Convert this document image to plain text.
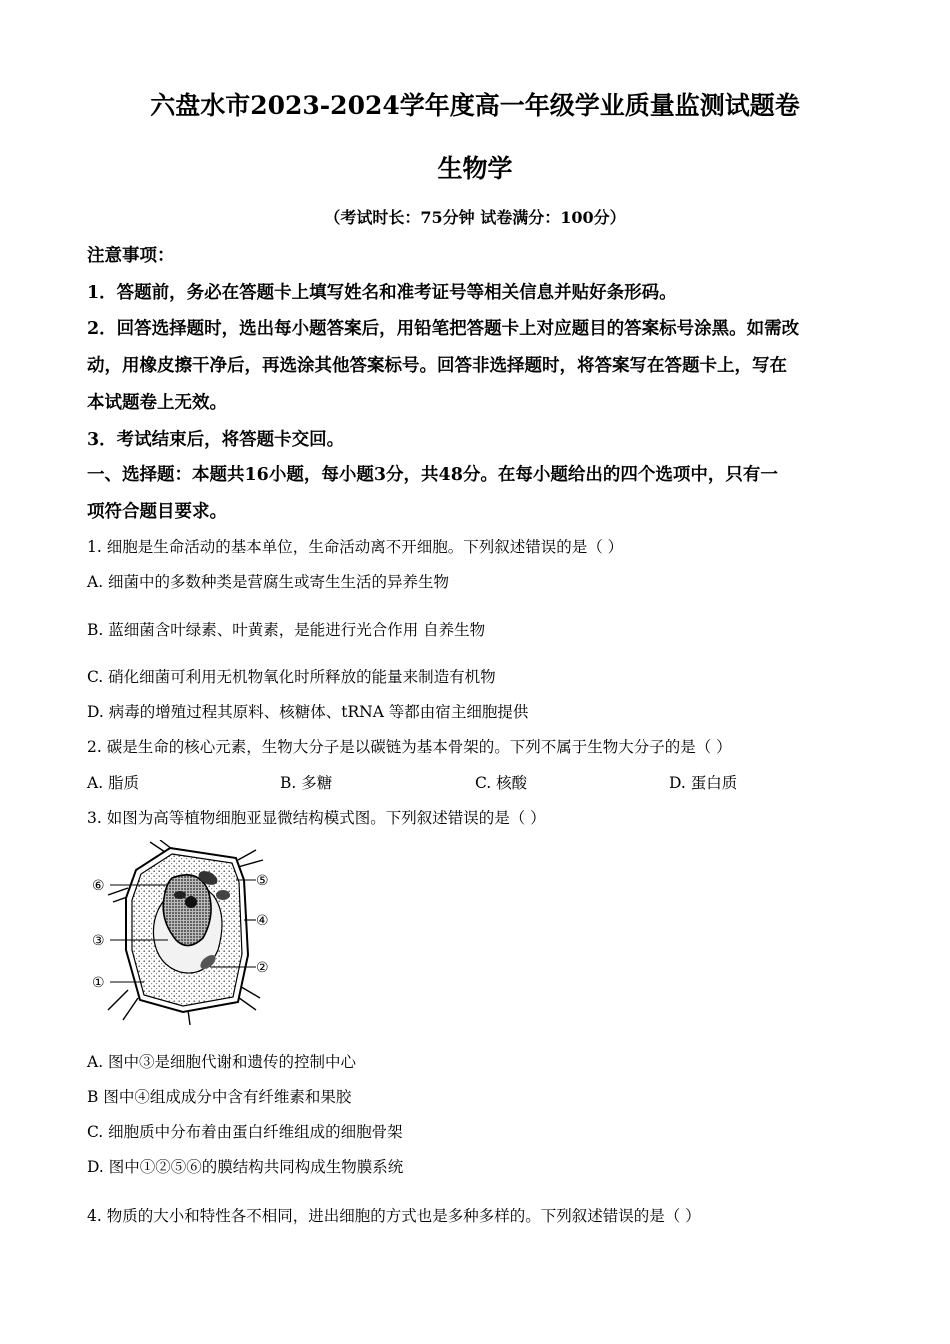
六盘水市2023-2024学年度高一年级学业质量监测试题卷
生物学
（考试时长：75分钟 试卷满分：100分）
注意事项：
1．答题前，务必在答题卡上填写姓名和准考证号等相关信息并贴好条形码。
2．回答选择题时，选出每小题答案后，用铅笔把答题卡上对应题目的答案标号涂黑。如需改
动，用橡皮擦干净后，再选涂其他答案标号。回答非选择题时，将答案写在答题卡上，写在
本试题卷上无效。
3．考试结束后，将答题卡交回。
一、选择题：本题共16小题，每小题3分，共48分。在每小题给出的四个选项中，只有一
项符合题目要求。
1. 细胞是生命活动的基本单位，生命活动离不开细胞。下列叙述错误的是（ ）
A. 细菌中的多数种类是营腐生或寄生生活的异养生物
B. 蓝细菌含叶绿素、叶黄素，是能进行光合作用 自养生物
C. 硝化细菌可利用无机物氧化时所释放的能量来制造有机物
D. 病毒的增殖过程其原料、核糖体、tRNA 等都由宿主细胞提供
2. 碳是生命的核心元素，生物大分子是以碳链为基本骨架的。下列不属于生物大分子的是（ ）
A. 脂质	B. 多糖	C. 核酸	D. 蛋白质
3. 如图为高等植物细胞亚显微结构模式图。下列叙述错误的是（ ）
⑥	⑤
④
③
②
①
A. 图中③是细胞代谢和遗传的控制中心
B 图中④组成成分中含有纤维素和果胶
C. 细胞质中分布着由蛋白纤维组成的细胞骨架
D. 图中①②⑤⑥的膜结构共同构成生物膜系统
4. 物质的大小和特性各不相同，进出细胞的方式也是多种多样的。下列叙述错误的是（ ）
